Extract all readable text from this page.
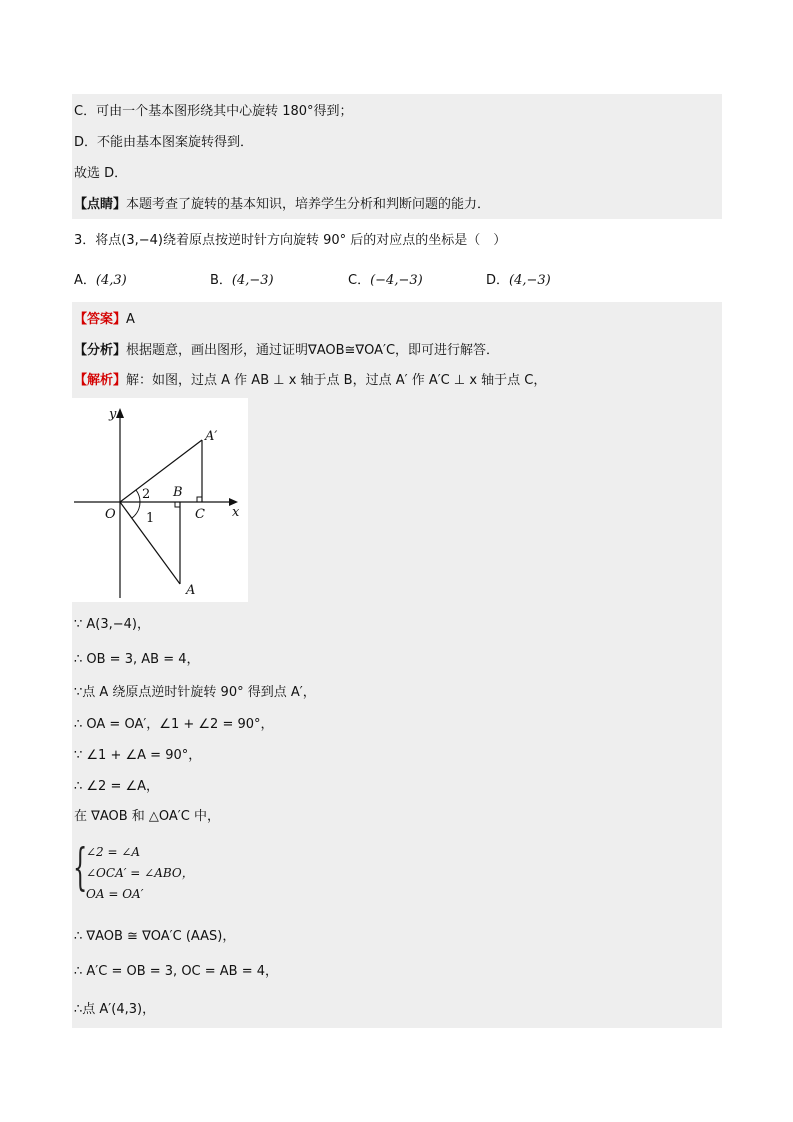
C．可由一个基本图形绕其中心旋转 180°得到；
D．不能由基本图案旋转得到．
故选 D．
【点睛】本题考查了旋转的基本知识，培养学生分析和判断问题的能力．
3．将点(3,−4)绕着原点按逆时针方向旋转 90° 后的对应点的坐标是（　）
A．(4,3)	B．(4,−3)	C．(−4,−3)	D．(4,−3)
【答案】A
【分析】根据题意，画出图形，通过证明∇AOB≅∇OA′C，即可进行解答．
【解析】解：如图，过点 A 作 AB ⊥ x 轴于点 B，过点 A′ 作 A′C ⊥ x 轴于点 C，
y
x
O
A′
A
B
C
2
1
∵ A(3,−4)，
∴ OB = 3, AB = 4，
∵点 A 绕原点逆时针旋转 90° 得到点 A′，
∴ OA = OA′，∠1 + ∠2 = 90°，
∵ ∠1 + ∠A = 90°，
∴ ∠2 = ∠A，
在 ∇AOB 和 △OA′C 中，
{
∠2 = ∠A
∠OCA′ = ∠ABO，
OA = OA′
∴ ∇AOB ≅ ∇OA′C (AAS)，
∴ A′C = OB = 3, OC = AB = 4，
∴点 A′(4,3)，
